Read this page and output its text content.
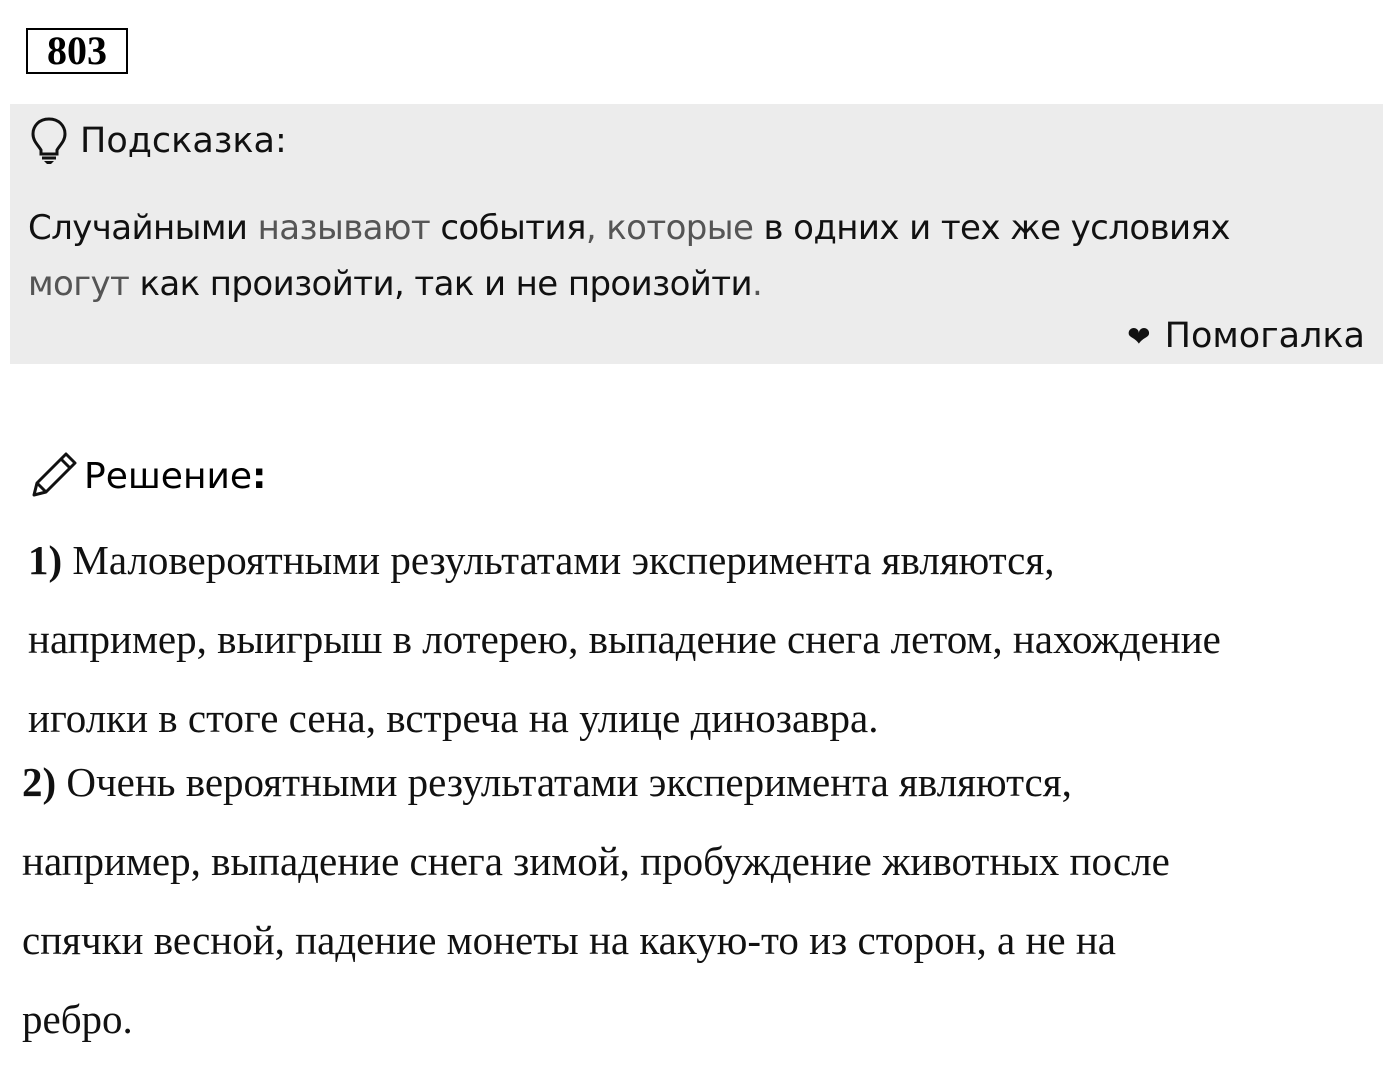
803
Подсказка:
Случайными называют события, которые в одних и тех же условиях
могут как произойти, так и не произойти.
❤ Помогалка
Решение:
1) Маловероятными результатами эксперимента являются,
например, выигрыш в лотерею, выпадение снега летом, нахождение
иголки в стоге сена, встреча на улице динозавра.
2) Очень вероятными результатами эксперимента являются,
например, выпадение снега зимой, пробуждение животных после
спячки весной, падение монеты на какую-то из сторон, а не на
ребро.
